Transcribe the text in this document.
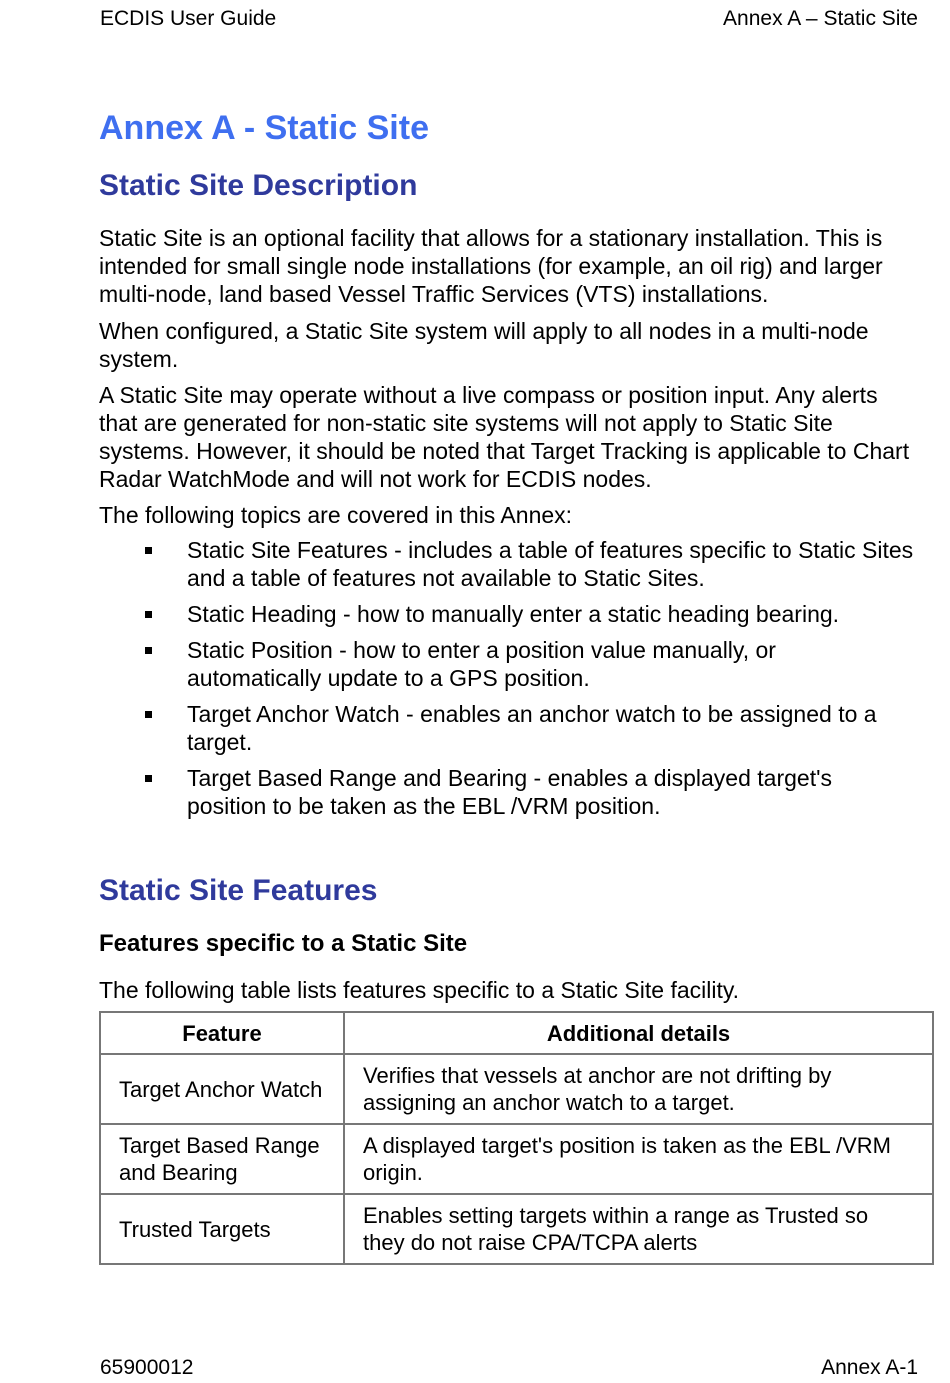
ECDIS User Guide	Annex A – Static Site
Annex A - Static Site
Static Site Description

Static Site is an optional facility that allows for a stationary installation. This is intended for small single node installations (for example, an oil rig) and larger multi-node, land based Vessel Traffic Services (VTS) installations.

When configured, a Static Site system will apply to all nodes in a multi-node system.

A Static Site may operate without a live compass or position input. Any alerts that are generated for non-static site systems will not apply to Static Site systems. However, it should be noted that Target Tracking is applicable to Chart Radar WatchMode and will not work for ECDIS nodes.

The following topics are covered in this Annex:

Static Site Features - includes a table of features specific to Static Sites and a table of features not available to Static Sites.
Static Heading - how to manually enter a static heading bearing.
Static Position - how to enter a position value manually, or automatically update to a GPS position.
Target Anchor Watch - enables an anchor watch to be assigned to a target.
Target Based Range and Bearing - enables a displayed target's position to be taken as the EBL /VRM position.
Static Site Features
Features specific to a Static Site

The following table lists features specific to a Static Site facility.

Feature	Additional details
Target Anchor Watch	Verifies that vessels at anchor are not drifting by assigning an anchor watch to a target.
Target Based Range and Bearing	A displayed target's position is taken as the EBL /VRM origin.
Trusted Targets	Enables setting targets within a range as Trusted so they do not raise CPA/TCPA alerts
65900012	Annex A-1
